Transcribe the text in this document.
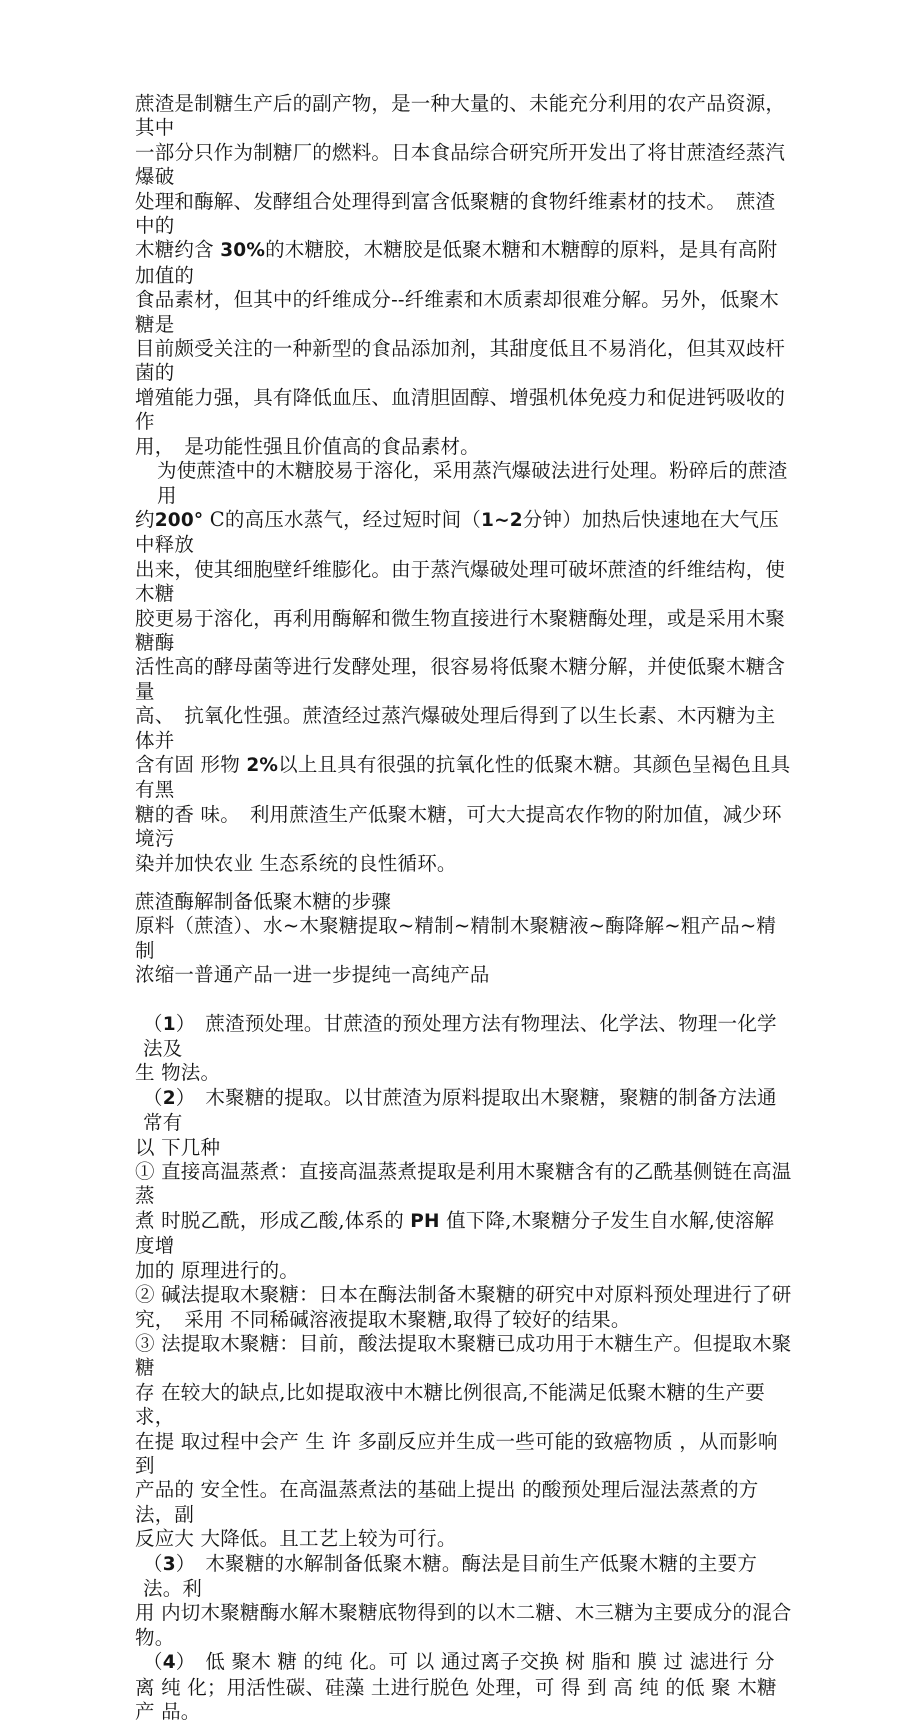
蔗渣是制糖生产后的副产物，是一种大量的、未能充分利用的农产品资源，其中
一部分只作为制糖厂的燃料。日本食品综合研究所开发出了将甘蔗渣经蒸汽爆破
处理和酶解、发酵组合处理得到富含低聚糖的食物纤维素材的技术。　蔗渣中的
木糖约含 30%的木糖胶，木糖胶是低聚木糖和木糖醇的原料，是具有高附加值的
食品素材，但其中的纤维成分--纤维素和木质素却很难分解。另外，低聚木糖是
目前颇受关注的一种新型的食品添加剂，其甜度低且不易消化，但其双歧杆菌的
增殖能力强，具有降低血压、血清胆固醇、增强机体免疫力和促进钙吸收的作
用，　是功能性强且价值高的食品素材。
为使蔗渣中的木糖胶易于溶化，采用蒸汽爆破法进行处理。粉碎后的蔗渣用
约200° C的高压水蒸气，经过短时间（1~2分钟）加热后快速地在大气压中释放
出来，使其细胞壁纤维膨化。由于蒸汽爆破处理可破坏蔗渣的纤维结构，使木糖
胶更易于溶化，再利用酶解和微生物直接进行木聚糖酶处理，或是采用木聚糖酶
活性高的酵母菌等进行发酵处理，很容易将低聚木糖分解，并使低聚木糖含量
高、　抗氧化性强。蔗渣经过蒸汽爆破处理后得到了以生长素、木丙糖为主体并
含有固 形物 2%以上且具有很强的抗氧化性的低聚木糖。其颜色呈褐色且具有黑
糖的香 味。　利用蔗渣生产低聚木糖，可大大提高农作物的附加值，减少环境污
染并加快农业 生态系统的良性循环。
蔗渣酶解制备低聚木糖的步骤
原料（蔗渣）、水~木聚糖提取~精制~精制木聚糖液~酶降解~粗产品~精制
浓缩一普通产品一进一步提纯一高纯产品
（1）　蔗渣预处理。甘蔗渣的预处理方法有物理法、化学法、物理一化学法及
生 物法。
（2）　木聚糖的提取。以甘蔗渣为原料提取出木聚糖，聚糖的制备方法通常有
以 下几种
① 直接高温蒸煮：直接高温蒸煮提取是利用木聚糖含有的乙酰基侧链在高温蒸
煮 时脱乙酰，形成乙酸,体系的 PH 值下降,木聚糖分子发生自水解,使溶解度增
加的 原理进行的。
② 碱法提取木聚糖：日本在酶法制备木聚糖的研究中对原料预处理进行了研
究，　采用 不同稀碱溶液提取木聚糖,取得了较好的结果。
③ 法提取木聚糖：目前，酸法提取木聚糖已成功用于木糖生产。但提取木聚糖
存 在较大的缺点,比如提取液中木糖比例很高,不能满足低聚木糖的生产要求，
在提 取过程中会产 生 许 多副反应并生成一些可能的致癌物质 ，从而影响到
产品的 安全性。在高温蒸煮法的基础上提出 的酸预处理后湿法蒸煮的方法，副
反应大 大降低。且工艺上较为可行。
（3）　木聚糖的水解制备低聚木糖。酶法是目前生产低聚木糖的主要方法。利
用 内切木聚糖酶水解木聚糖底物得到的以木二糖、木三糖为主要成分的混合
物。
（4）　低 聚木 糖 的纯 化。可 以 通过离子交换 树 脂和 膜 过 滤进行 分
离 纯 化；用活性碳、硅藻 土进行脱色 处理，可 得 到 高 纯 的低 聚 木糖
产 品。
